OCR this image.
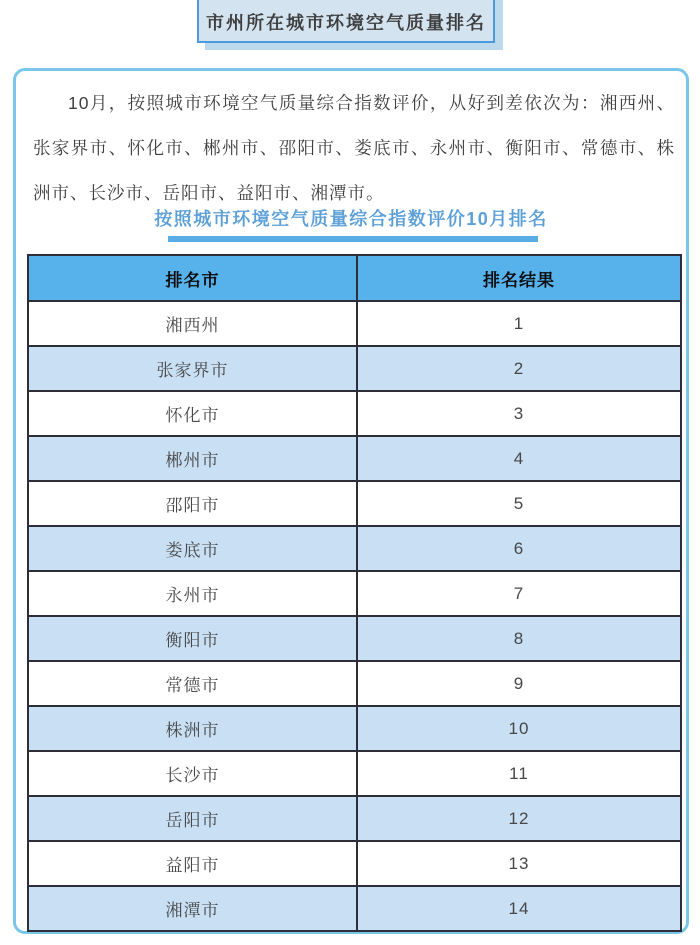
市州所在城市环境空气质量排名

10月，按照城市环境空气质量综合指数评价，从好到差依次为：湘西州、张家界市、怀化市、郴州市、邵阳市、娄底市、永州市、衡阳市、常德市、株洲市、长沙市、岳阳市、益阳市、湘潭市。

按照城市环境空气质量综合指数评价10月排名
排名市	排名结果
湘西州	1
张家界市	2
怀化市	3
郴州市	4
邵阳市	5
娄底市	6
永州市	7
衡阳市	8
常德市	9
株洲市	10
长沙市	11
岳阳市	12
益阳市	13
湘潭市	14
